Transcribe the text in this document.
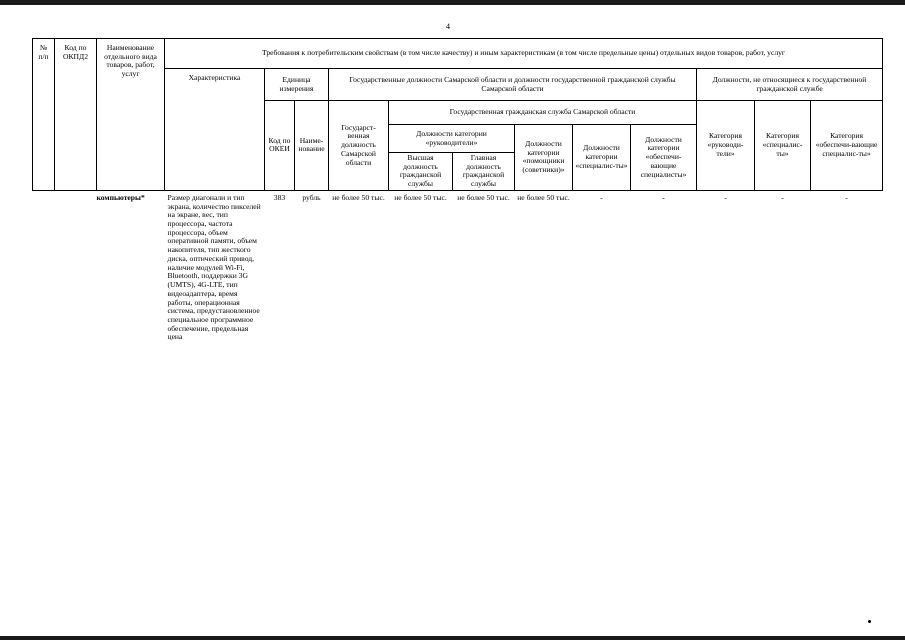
4
№
п/п	Код по ОКПД2	Наименование отдельного вида товаров, работ, услуг	Требования к потребительским свойствам (в том числе качеству) и иным характеристикам (в том числе предельные цены) отдельных видов товаров, работ, услуг											
			Характеристика	Единица измерения		Государственные должности Самарской области и должности государственной гражданской службы Самарской области						Должности, не относящиеся к государственной гражданской службе		
				Код по ОКЕИ	Наиме-нование	Государст-венная должность Самарской области	Государственная гражданская служба Самарской области					Категория «руководи-тели»	Категория «специалис-ты»	Категория «обеспечи-вающие специалис-ты»
							Должности категории «руководители»		Должности категории «помощники (советники)»	Должности категории «специалис-ты»	Должности категории «обеспечи-вающие специалисты»			
							Высшая должность гражданской службы	Главная должность гражданской службы						
		компьютеры*	Размер диагонали и тип экрана, количество пикселей на экране, вес, тип процессора, частота процессора, объем оперативной памяти, объем накопителя, тип жесткого диска, оптический привод, наличие модулей Wi-Fi, Bluetooth, поддержки 3G (UMTS), 4G-LTE, тип видеоадаптера, время работы, операционная система, предустановленное специальное программное обеспечение, предельная цена	383	рубль	не более 50 тыс.	не более 50 тыс.	не более 50 тыс.	не более 50 тыс.	-	-	-	-	-
